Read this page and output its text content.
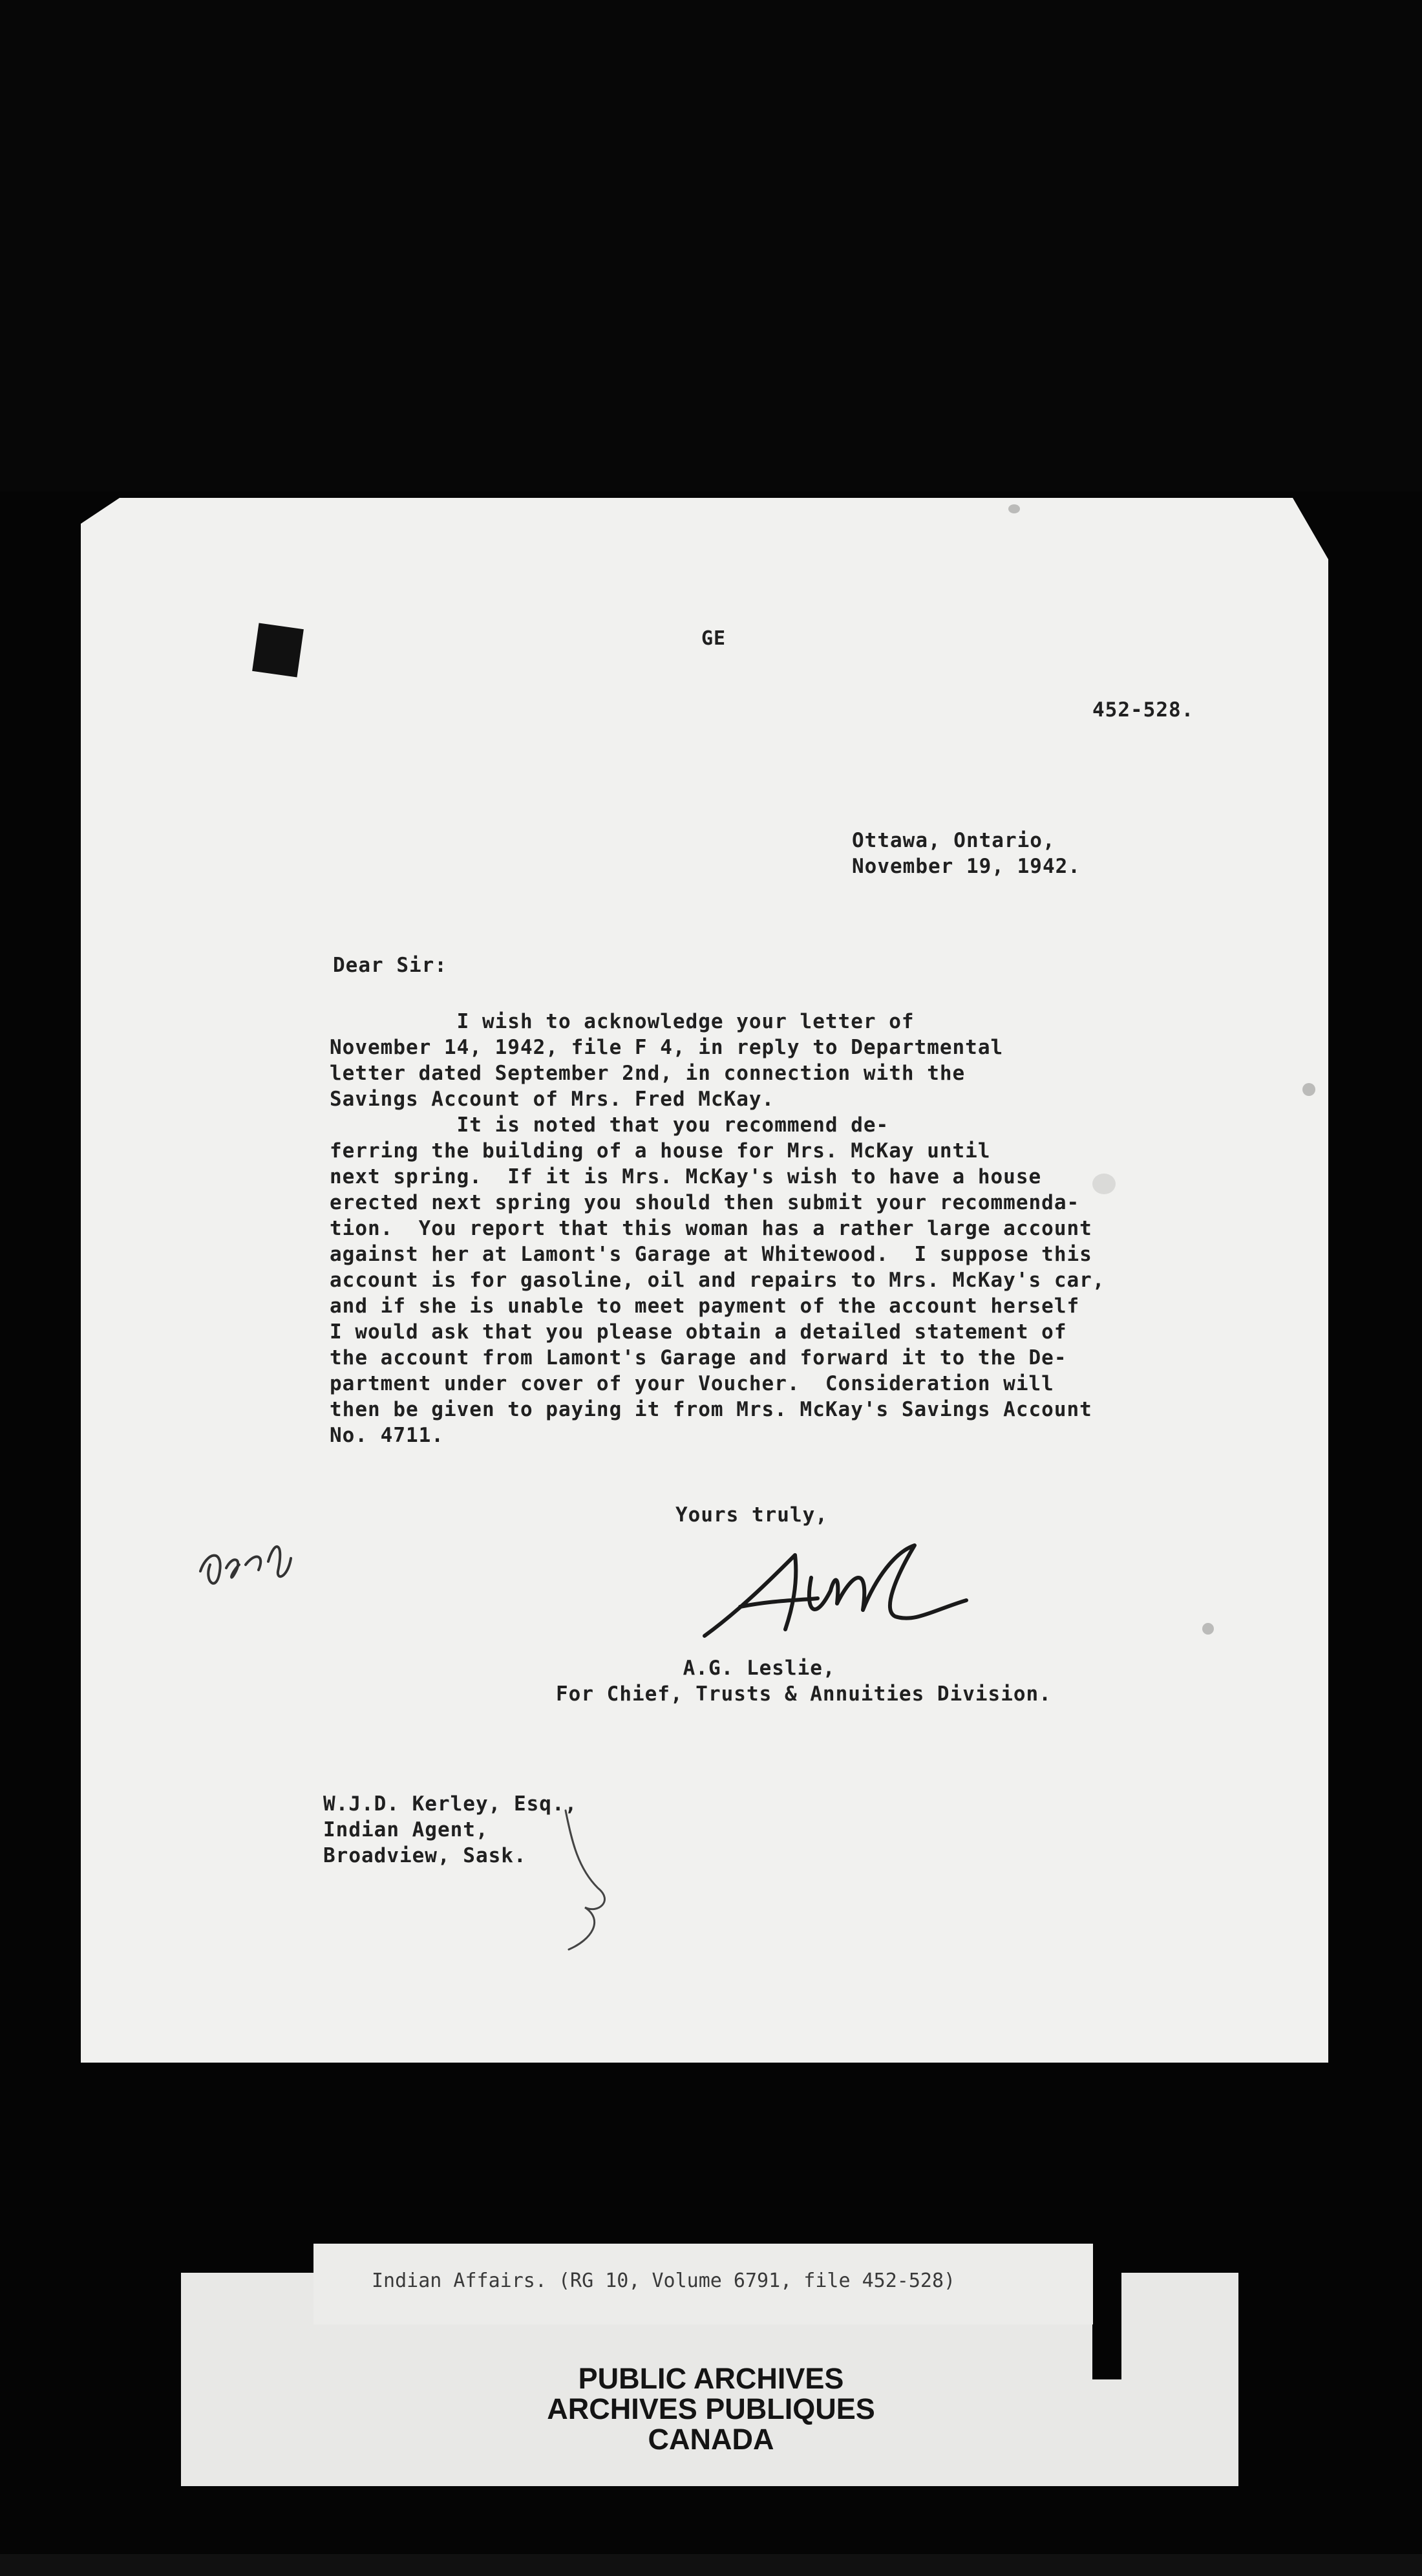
GE
452-528.
Ottawa, Ontario,
November 19, 1942.
Dear Sir:
I wish to acknowledge your letter of
November 14, 1942, file F 4, in reply to Departmental
letter dated September 2nd, in connection with the
Savings Account of Mrs. Fred McKay.
It is noted that you recommend de-
ferring the building of a house for Mrs. McKay until
next spring.  If it is Mrs. McKay's wish to have a house
erected next spring you should then submit your recommenda-
tion.  You report that this woman has a rather large account
against her at Lamont's Garage at Whitewood.  I suppose this
account is for gasoline, oil and repairs to Mrs. McKay's car,
and if she is unable to meet payment of the account herself
I would ask that you please obtain a detailed statement of
the account from Lamont's Garage and forward it to the De-
partment under cover of your Voucher.  Consideration will
then be given to paying it from Mrs. McKay's Savings Account
No. 4711.
Yours truly,
A.G. Leslie,
For Chief, Trusts & Annuities Division.
W.J.D. Kerley, Esq.,
Indian Agent,
Broadview, Sask.
Indian Affairs. (RG 10, Volume 6791, file 452-528)
PUBLIC ARCHIVES
ARCHIVES PUBLIQUES
CANADA
